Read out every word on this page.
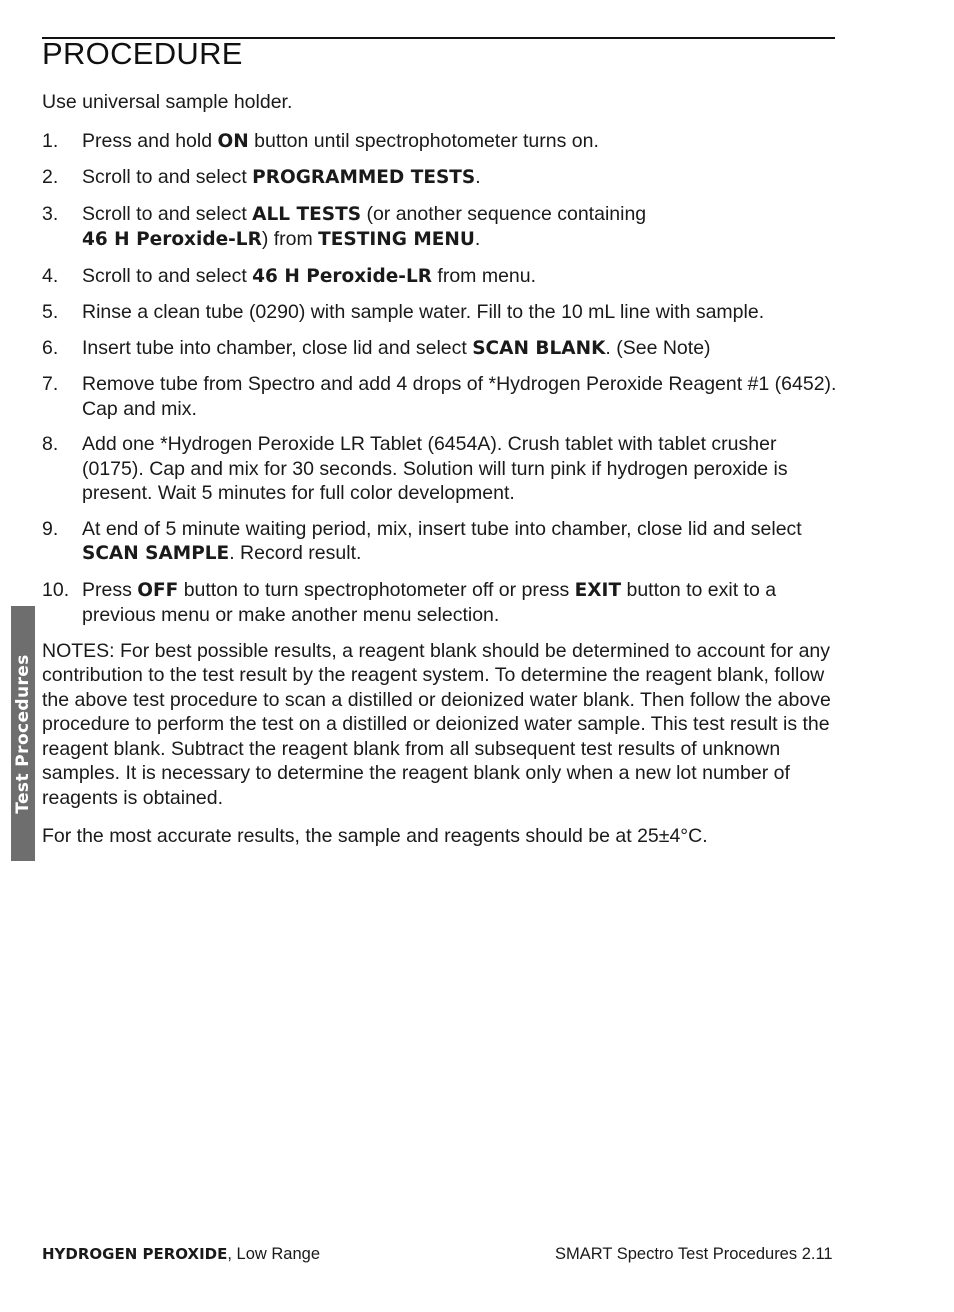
PROCEDURE

Use universal sample holder.

1. Press and hold ON button until spectrophotometer turns on.
2. Scroll to and select PROGRAMMED TESTS.
3. Scroll to and select ALL TESTS (or another sequence containing
46 H Peroxide-LR) from TESTING MENU.
4. Scroll to and select 46 H Peroxide-LR from menu.
5. Rinse a clean tube (0290) with sample water. Fill to the 10 mL line with sample.
6. Insert tube into chamber, close lid and select SCAN BLANK. (See Note)
7. Remove tube from Spectro and add 4 drops of *Hydrogen Peroxide Reagent #1 (6452). Cap and mix.
8. Add one *Hydrogen Peroxide LR Tablet (6454A). Crush tablet with tablet crusher (0175). Cap and mix for 30 seconds. Solution will turn pink if hydrogen peroxide is present. Wait 5 minutes for full color development.
9. At end of 5 minute waiting period, mix, insert tube into chamber, close lid and select SCAN SAMPLE. Record result.
10. Press OFF button to turn spectrophotometer off or press EXIT button to exit to a previous menu or make another menu selection.

NOTES: For best possible results, a reagent blank should be determined to account for any contribution to the test result by the reagent system. To determine the reagent blank, follow the above test procedure to scan a distilled or deionized water blank. Then follow the above procedure to perform the test on a distilled or deionized water sample. This test result is the reagent blank. Subtract the reagent blank from all subsequent test results of unknown samples. It is necessary to determine the reagent blank only when a new lot number of reagents is obtained.

For the most accurate results, the sample and reagents should be at 25±4°C.

Test Procedures
HYDROGEN PEROXIDE, Low Range	SMART Spectro Test Procedures 2.11
